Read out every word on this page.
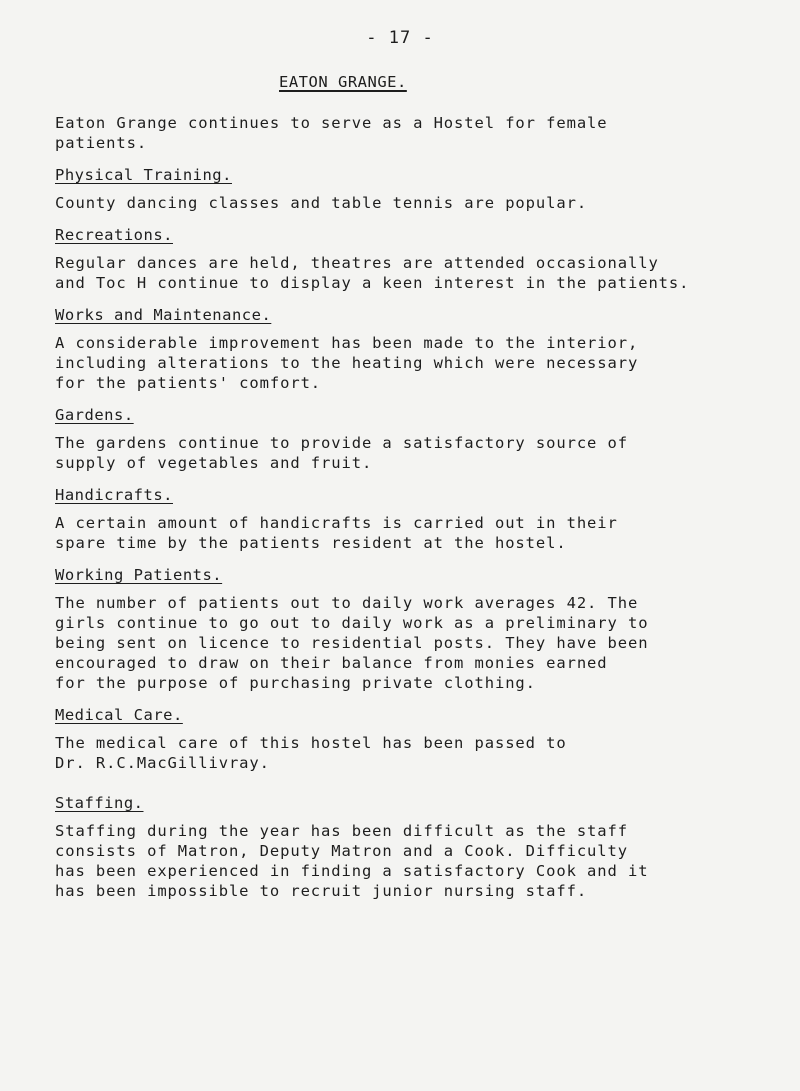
- 17 -
EATON GRANGE.

Eaton Grange continues to serve as a Hostel for female
patients.

Physical Training.

County dancing classes and table tennis are popular.

Recreations.

Regular dances are held, theatres are attended occasionally
and Toc H continue to display a keen interest in the patients.

Works and Maintenance.

A considerable improvement has been made to the interior,
including alterations to the heating which were necessary
for the patients' comfort.

Gardens.

The gardens continue to provide a satisfactory source of
supply of vegetables and fruit.

Handicrafts.

A certain amount of handicrafts is carried out in their
spare time by the patients resident at the hostel.

Working Patients.

The number of patients out to daily work averages 42. The
girls continue to go out to daily work as a preliminary to
being sent on licence to residential posts. They have been
encouraged to draw on their balance from monies earned
for the purpose of purchasing private clothing.

Medical Care.

The medical care of this hostel has been passed to
Dr. R.C.MacGillivray.

Staffing.

Staffing during the year has been difficult as the staff
consists of Matron, Deputy Matron and a Cook. Difficulty
has been experienced in finding a satisfactory Cook and it
has been impossible to recruit junior nursing staff.
